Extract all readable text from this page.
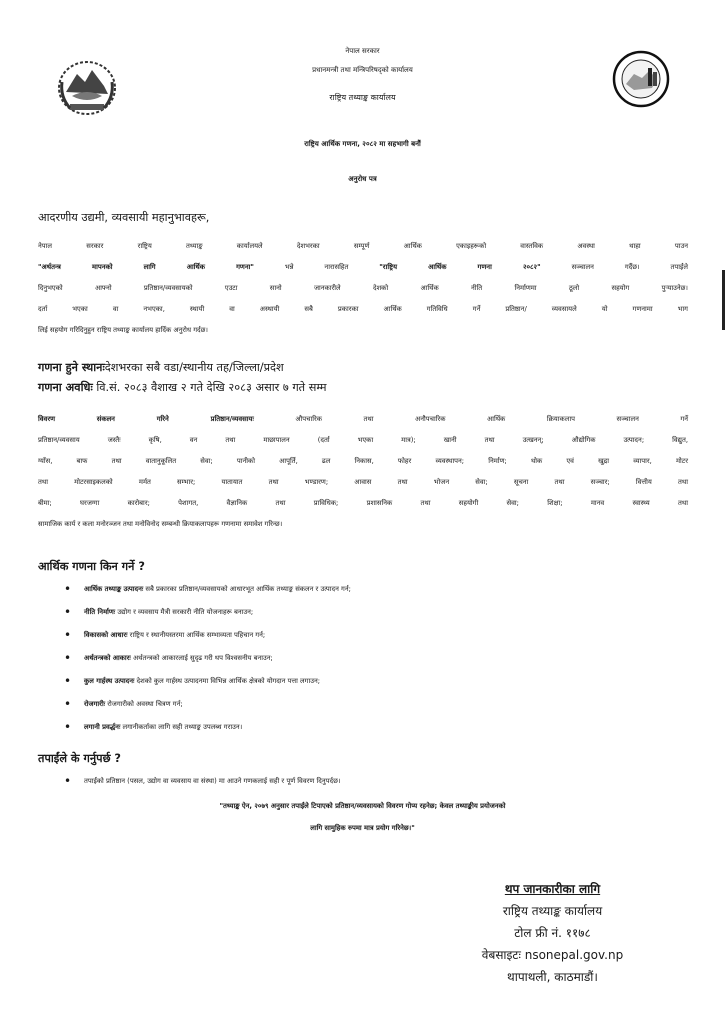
नेपाल सरकार
प्रधानमन्त्री तथा मन्त्रिपरिषद्को कार्यालय
राष्ट्रिय तथ्याङ्क कार्यालय
राष्ट्रिय आर्थिक गणना, २०८२ मा सहभागी बनौं
अनुरोध पत्र
आदरणीय उद्यमी, व्यवसायी महानुभावहरू,
नेपाल सरकार राष्ट्रिय तथ्याङ्क कार्यालयले देशभरका सम्पूर्ण आर्थिक एकाइहरूको वास्तविक अवस्था थाहा पाउन
"अर्थतन्त्र मापनको लागि आर्थिक गणना" भन्ने नारासहित "राष्ट्रिय आर्थिक गणना २०८२" सञ्चालन गर्दैछ। तपाईंले
दिनुभएको आफ्नो प्रतिष्ठान/व्यवसायको एउटा सानो जानकारीले देशको आर्थिक नीति निर्माणमा ठूलो सहयोग पुऱ्याउनेछ।
दर्ता भएका वा नभएका, स्थायी वा अस्थायी सबै प्रकारका आर्थिक गतिविधि गर्ने प्रतिष्ठान/ व्यवसायले यो गणनामा भाग
लिई सहयोग गरिदिनुहुन राष्ट्रिय तथ्याङ्क कार्यालय हार्दिक अनुरोध गर्दछ।
गणना हुने स्थानःदेशभरका सबै वडा/स्थानीय तह/जिल्ला/प्रदेश
गणना अवधिः वि.सं. २०८३ वैशाख २ गते देखि २०८३ असार ७ गते सम्म
विवरण संकलन गरिने प्रतिष्ठान/व्यवसायः औपचारिक तथा अनौपचारिक आर्थिक क्रियाकलाप सञ्चालन गर्ने
प्रतिष्ठान/व्यवसाय जस्तैः कृषि, वन तथा माछापालन (दर्ता भएका मात्र); खानी तथा उत्खनन्; औद्योगिक उत्पादन; विद्युत,
ग्याँस, बाफ तथा वातानुकूलित सेवा; पानीको आपूर्ति, ढल निकास, फोहर व्यवस्थापन; निर्माण; थोक एवं खुद्रा व्यापार, मोटर
तथा मोटरसाइकलको मर्मत सम्भार; यातायात तथा भण्डारण; आवास तथा भोजन सेवा; सूचना तथा सञ्चार; वित्तीय तथा
बीमा; घरजग्गा कारोबार; पेशागत, वैज्ञानिक तथा प्राविधिक; प्रशासनिक तथा सहयोगी सेवा; शिक्षा; मानव स्वास्थ्य तथा
सामाजिक कार्य र कला मनोरञ्जन तथा मनोविनोद सम्बन्धी क्रियाकलापहरू गणनामा समावेश गरिन्छ।
आर्थिक गणना किन गर्ने ?
• आर्थिक तथ्याङ्क उत्पादनः सबै प्रकारका प्रतिष्ठान/व्यवसायको आधारभूत आर्थिक तथ्याङ्क संकलन र उत्पादन गर्न;
• नीति निर्माणः उद्योग र व्यवसाय मैत्री सरकारी नीति योजनाहरू बनाउन;
• विकासको आधारः राष्ट्रिय र स्थानीयस्तरमा आर्थिक सम्भाव्यता पहिचान गर्न;
• अर्थतन्त्रको आकारः अर्थतन्त्रको आकारलाई सुदृढ गरी थप विश्वसनीय बनाउन;
• कुल गार्हस्थ उत्पादनः देशको कुल गार्हस्थ उत्पादनमा विभिन्न आर्थिक क्षेत्रको योगदान पत्ता लगाउन;
• रोजगारीः रोजगारीको अवस्था चित्रण गर्न;
• लगानी प्रवर्द्धनः लगानीकर्ताका लागि सही तथ्याङ्क उपलब्ध गराउन।
तपाईंले के गर्नुपर्छ ?
• तपाईंको प्रतिष्ठान (पसल, उद्योग वा व्यवसाय वा संस्था) मा आउने गणकलाई सही र पूर्ण विवरण दिनुपर्दछ।
"तथ्याङ्क ऐन, २०७९ अनुसार तपाईंले टिपाएको प्रतिष्ठान/व्यवसायको विवरण गोप्य रहनेछ; केवल तथ्याङ्कीय प्रयोजनको
लागि सामुहिक रुपमा मात्र प्रयोग गरिनेछ।"
थप जानकारीका लागि
राष्ट्रिय तथ्याङ्क कार्यालय
टोल फ्री नं. ११७८
वेबसाइटः nsonepal.gov.np
थापाथली, काठमाडौं।
